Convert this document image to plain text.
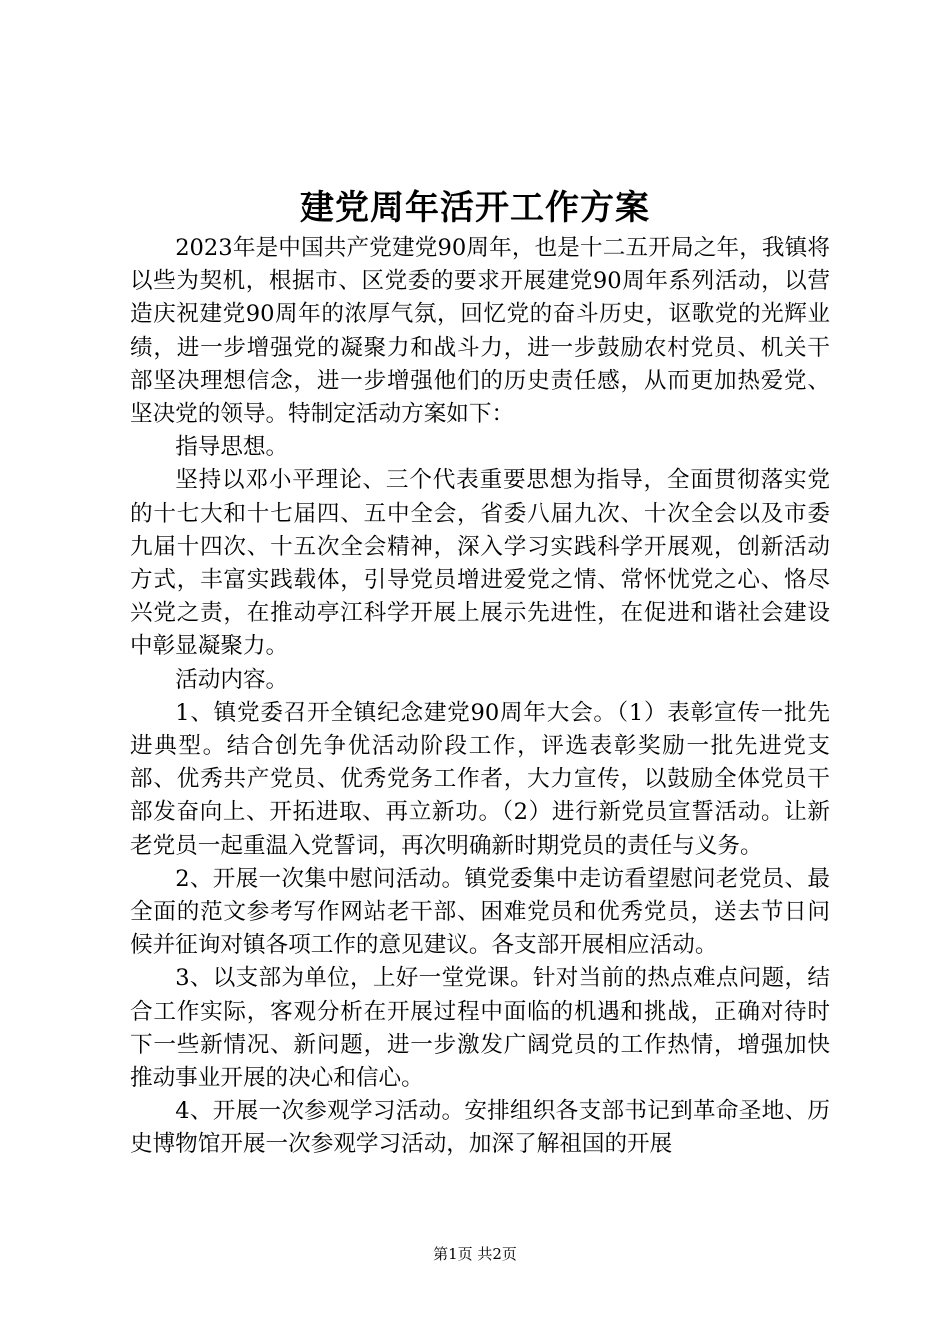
建党周年活开工作方案

2023年是中国共产党建党90周年，也是十二五开局之年，我镇将以些为契机，根据市、区党委的要求开展建党90周年系列活动，以营造庆祝建党90周年的浓厚气氛，回忆党的奋斗历史，讴歌党的光辉业绩，进一步增强党的凝聚力和战斗力，进一步鼓励农村党员、机关干部坚决理想信念，进一步增强他们的历史责任感，从而更加热爱党、坚决党的领导。特制定活动方案如下：

指导思想。

坚持以邓小平理论、三个代表重要思想为指导，全面贯彻落实党的十七大和十七届四、五中全会，省委八届九次、十次全会以及市委九届十四次、十五次全会精神，深入学习实践科学开展观，创新活动方式，丰富实践载体，引导党员增进爱党之情、常怀忧党之心、恪尽兴党之责，在推动亭江科学开展上展示先进性，在促进和谐社会建设中彰显凝聚力。

活动内容。

1、镇党委召开全镇纪念建党90周年大会。（1）表彰宣传一批先进典型。结合创先争优活动阶段工作，评选表彰奖励一批先进党支部、优秀共产党员、优秀党务工作者，大力宣传，以鼓励全体党员干部发奋向上、开拓进取、再立新功。（2）进行新党员宣誓活动。让新老党员一起重温入党誓词，再次明确新时期党员的责任与义务。

2、开展一次集中慰问活动。镇党委集中走访看望慰问老党员、最全面的范文参考写作网站老干部、困难党员和优秀党员，送去节日问候并征询对镇各项工作的意见建议。各支部开展相应活动。

3、以支部为单位，上好一堂党课。针对当前的热点难点问题，结合工作实际，客观分析在开展过程中面临的机遇和挑战，正确对待时下一些新情况、新问题，进一步激发广阔党员的工作热情，增强加快推动事业开展的决心和信心。

4、开展一次参观学习活动。安排组织各支部书记到革命圣地、历史博物馆开展一次参观学习活动，加深了解祖国的开展

第1页 共2页
